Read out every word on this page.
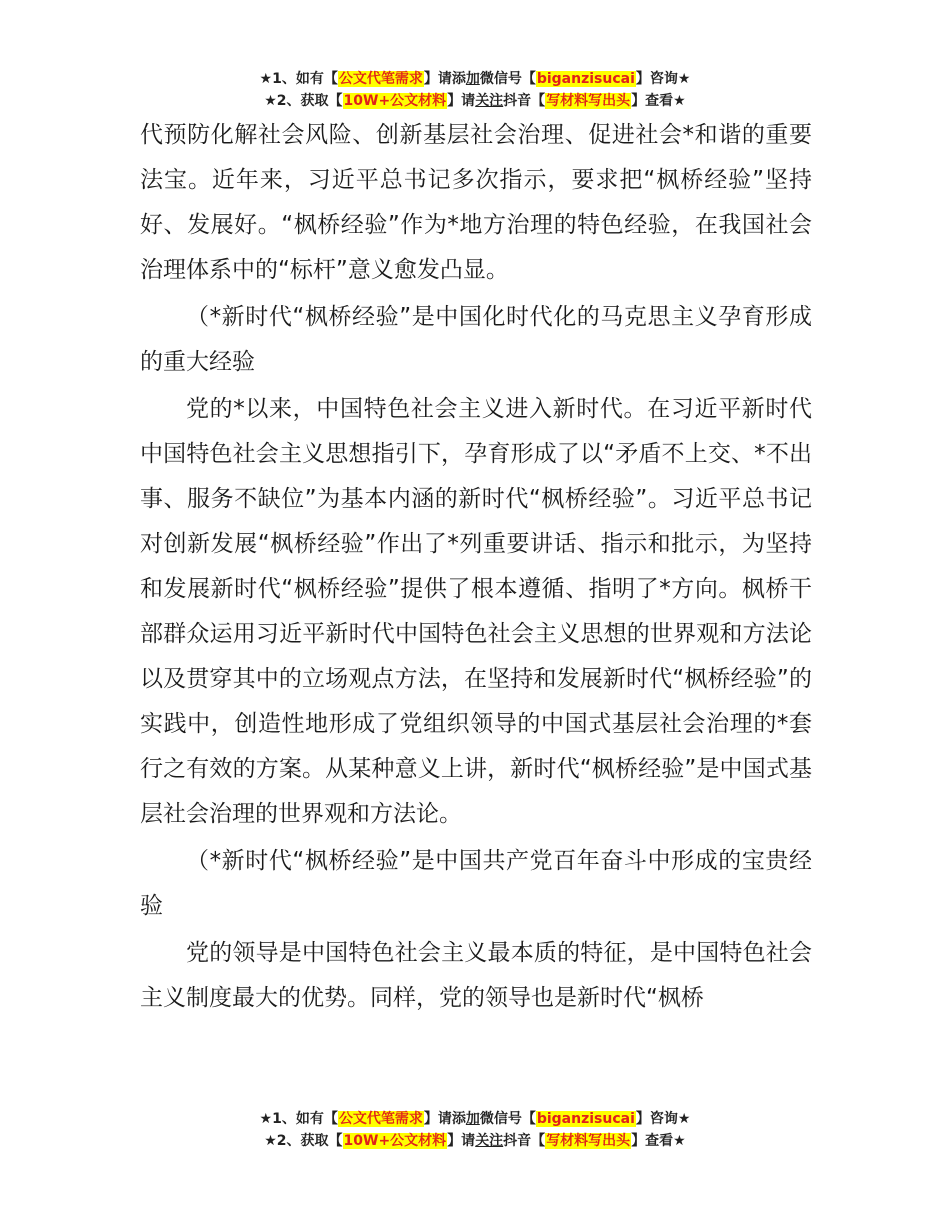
★1、如有【公文代笔需求】请添加微信号【biganzisucai】咨询★
★2、获取【10W+公文材料】请关注抖音【写材料写出头】查看★

代预防化解社会风险、创新基层社会治理、促进社会*和谐的重要法宝。近年来，习近平总书记多次指示，要求把“枫桥经验”坚持好、发展好。“枫桥经验”作为*地方治理的特色经验，在我国社会治理体系中的“标杆”意义愈发凸显。

（*新时代“枫桥经验”是中国化时代化的马克思主义孕育形成的重大经验

党的*以来，中国特色社会主义进入新时代。在习近平新时代中国特色社会主义思想指引下，孕育形成了以“矛盾不上交、*不出事、服务不缺位”为基本内涵的新时代“枫桥经验”。习近平总书记对创新发展“枫桥经验”作出了*列重要讲话、指示和批示，为坚持和发展新时代“枫桥经验”提供了根本遵循、指明了*方向。枫桥干部群众运用习近平新时代中国特色社会主义思想的世界观和方法论以及贯穿其中的立场观点方法，在坚持和发展新时代“枫桥经验”的实践中，创造性地形成了党组织领导的中国式基层社会治理的*套行之有效的方案。从某种意义上讲，新时代“枫桥经验”是中国式基层社会治理的世界观和方法论。

（*新时代“枫桥经验”是中国共产党百年奋斗中形成的宝贵经验

党的领导是中国特色社会主义最本质的特征，是中国特色社会主义制度最大的优势。同样，党的领导也是新时代“枫桥

★1、如有【公文代笔需求】请添加微信号【biganzisucai】咨询★
★2、获取【10W+公文材料】请关注抖音【写材料写出头】查看★
